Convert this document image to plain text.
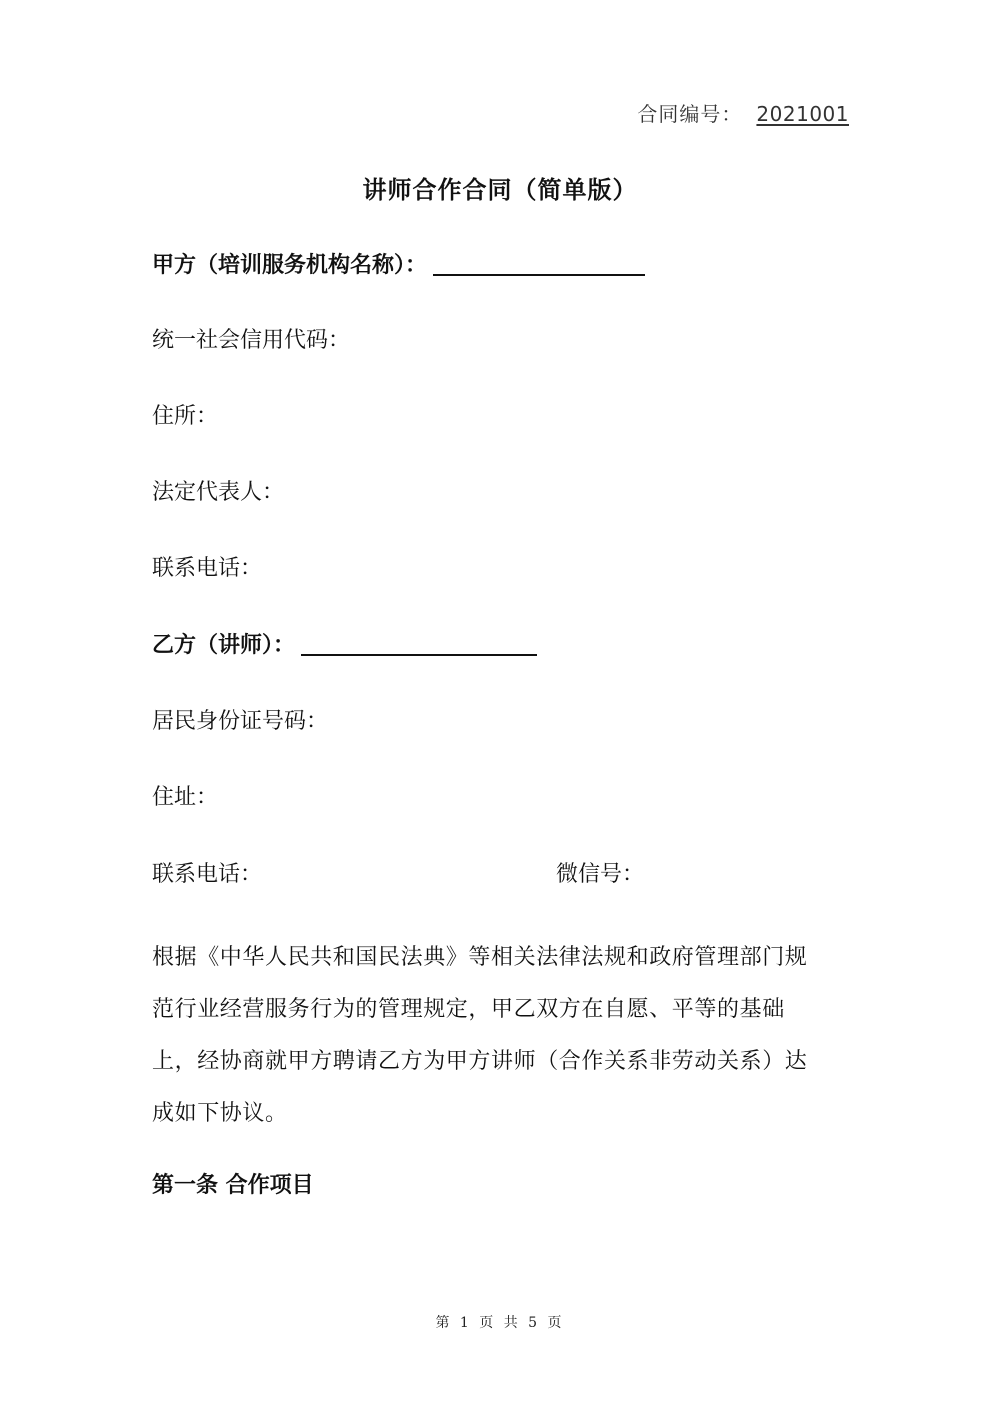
合同编号： 2021001
讲师合作合同（简单版）
甲方（培训服务机构名称）：
统一社会信用代码：
住所：
法定代表人：
联系电话：
乙方（讲师）：
居民身份证号码：
住址：
联系电话：	微信号：
根据《中华人民共和国民法典》等相关法律法规和政府管理部门规
范行业经营服务行为的管理规定，甲乙双方在自愿、平等的基础
上，经协商就甲方聘请乙方为甲方讲师（合作关系非劳动关系）达
成如下协议。
第一条 合作项目
第 1 页 共 5 页
